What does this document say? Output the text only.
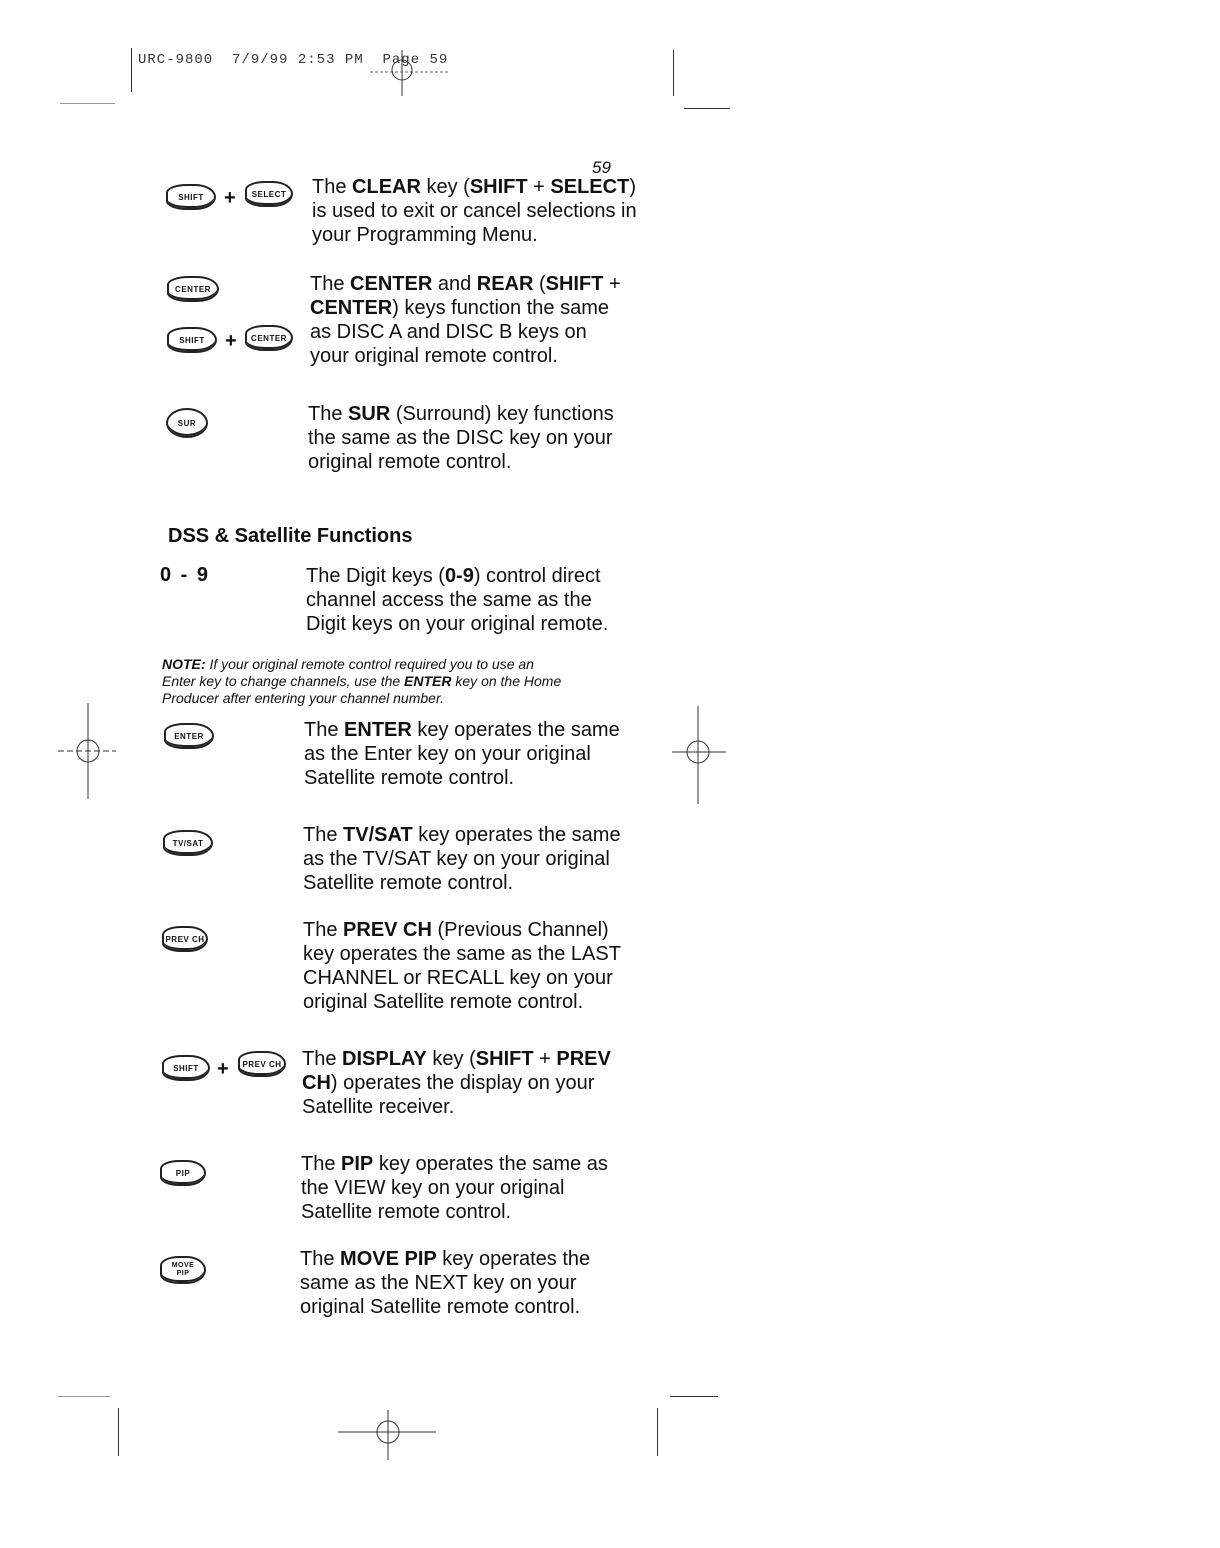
URC-9800 7/9/99 2:53 PM Page 59
59
SHIFT + SELECT The CLEAR key (SHIFT + SELECT)
is used to exit or cancel selections in
your Programming Menu.
CENTER
SHIFT + CENTER
The CENTER and REAR (SHIFT +
CENTER) keys function the same
as DISC A and DISC B keys on
your original remote control.
SUR	The SUR (Surround) key functions
the same as the DISC key on your
original remote control.
DSS & Satellite Functions
0 - 9	The Digit keys (0-9) control direct
channel access the same as the
Digit keys on your original remote.
NOTE: If your original remote control required you to use an
Enter key to change channels, use the ENTER key on the Home
Producer after entering your channel number.
ENTER	The ENTER key operates the same
as the Enter key on your original
Satellite remote control.
TV/SAT	The TV/SAT key operates the same
as the TV/SAT key on your original
Satellite remote control.
PREV CH	The PREV CH (Previous Channel)
key operates the same as the LAST
CHANNEL or RECALL key on your
original Satellite remote control.
SHIFT + PREV CH The DISPLAY key (SHIFT + PREV
CH) operates the display on your
Satellite receiver.
PIP	The PIP key operates the same as
the VIEW key on your original
Satellite remote control.
MOVE
PIP
The MOVE PIP key operates the
same as the NEXT key on your
original Satellite remote control.
